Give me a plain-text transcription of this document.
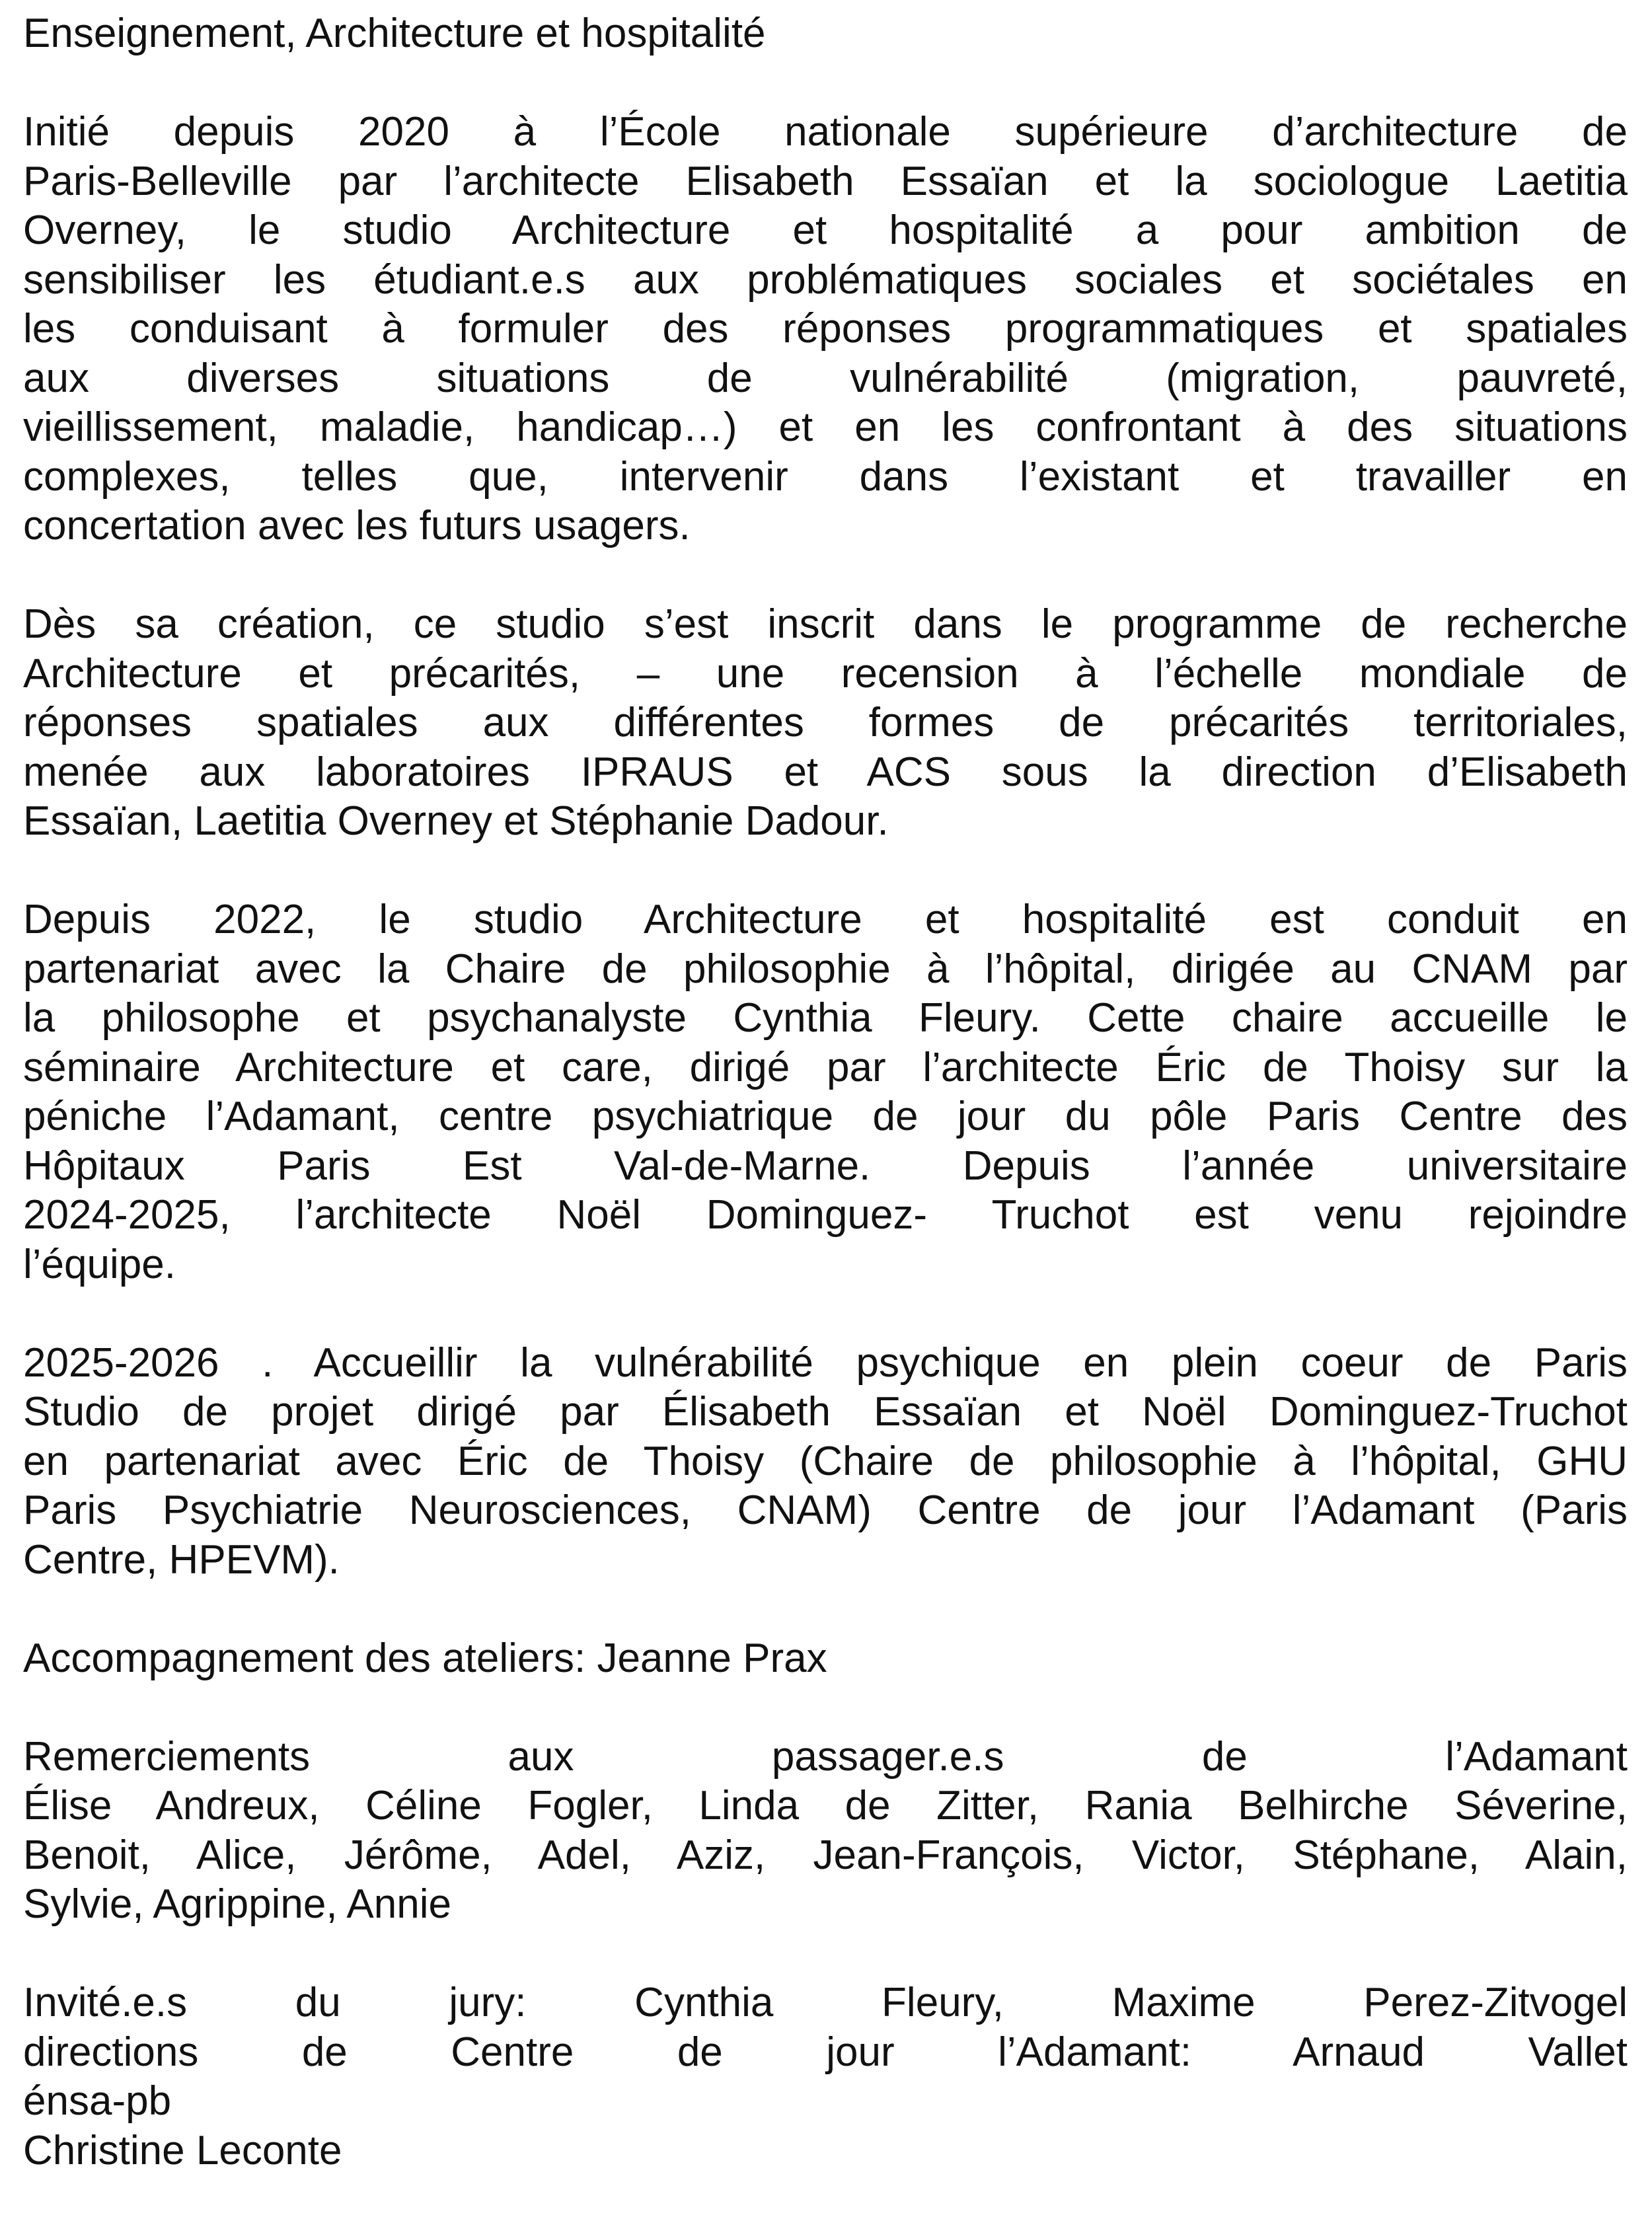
Enseignement, Architecture et hospitalité

Initié depuis 2020 à l’École nationale supérieure d’architecture de
Paris-Belleville par l’architecte Elisabeth Essaïan et la sociologue Laetitia
Overney, le studio Architecture et hospitalité a pour ambition de
sensibiliser les étudiant.e.s aux problématiques sociales et sociétales en
les conduisant à formuler des réponses programmatiques et spatiales
aux diverses situations de vulnérabilité (migration, pauvreté,
vieillissement, maladie, handicap…) et en les confrontant à des situations
complexes, telles que, intervenir dans l’existant et travailler en
concertation avec les futurs usagers.
Dès sa création, ce studio s’est inscrit dans le programme de recherche
Architecture et précarités, – une recension à l’échelle mondiale de
réponses spatiales aux différentes formes de précarités territoriales,
menée aux laboratoires IPRAUS et ACS sous la direction d’Elisabeth
Essaïan, Laetitia Overney et Stéphanie Dadour.
Depuis 2022, le studio Architecture et hospitalité est conduit en
partenariat avec la Chaire de philosophie à l’hôpital, dirigée au CNAM par
la philosophe et psychanalyste Cynthia Fleury. Cette chaire accueille le
séminaire Architecture et care, dirigé par l’architecte Éric de Thoisy sur la
péniche l’Adamant, centre psychiatrique de jour du pôle Paris Centre des
Hôpitaux Paris Est Val-de-Marne. Depuis l’année universitaire
2024-2025, l’architecte Noël Dominguez- Truchot est venu rejoindre
l’équipe.
2025-2026 . Accueillir la vulnérabilité psychique en plein coeur de Paris
Studio de projet dirigé par Élisabeth Essaïan et Noël Dominguez-Truchot
en partenariat avec Éric de Thoisy (Chaire de philosophie à l’hôpital, GHU
Paris Psychiatrie Neurosciences, CNAM) Centre de jour l’Adamant (Paris
Centre, HPEVM).
Accompagnement des ateliers: Jeanne Prax
Remerciements aux passager.e.s de l’Adamant
Élise Andreux, Céline Fogler, Linda de Zitter, Rania Belhirche Séverine,
Benoit, Alice, Jérôme, Adel, Aziz, Jean-François, Victor, Stéphane, Alain,
Sylvie, Agrippine, Annie
Invité.e.s du jury: Cynthia Fleury, Maxime Perez-Zitvogel
directions de Centre de jour l’Adamant: Arnaud Vallet
énsa-pb
Christine Leconte
